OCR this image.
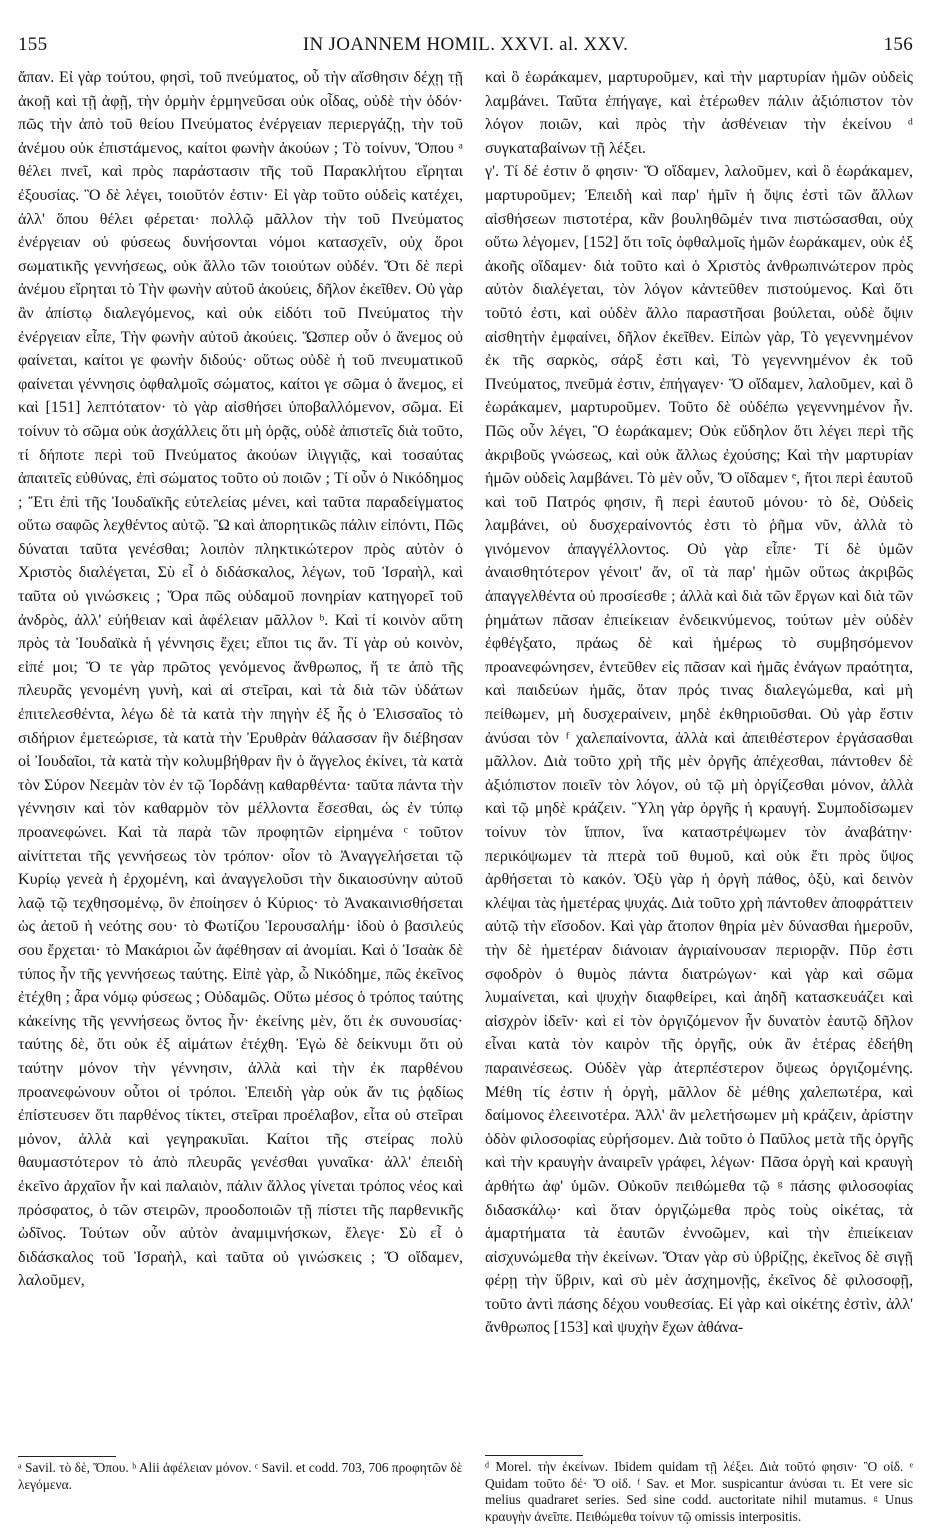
155	IN JOANNEM HOMIL. XXVI. al. XXV.	156

ἄπαν. Εἰ γὰρ τούτου, φησὶ, τοῦ πνεύματος, οὗ τὴν αἴσθησιν δέχῃ τῇ ἀκοῇ καὶ τῇ ἀφῇ, τὴν ὁρμὴν ἑρμηνεῦσαι οὐκ οἶδας, οὐδὲ τὴν ὁδόν· πῶς τὴν ἀπὸ τοῦ θείου Πνεύματος ἐνέργειαν περιεργάζῃ, τὴν τοῦ ἀνέμου οὐκ ἐπιστάμενος, καίτοι φωνὴν ἀκούων ; Τὸ τοίνυν, Ὅπου ᵃ θέλει πνεῖ, καὶ πρὸς παράστασιν τῆς τοῦ Παρακλήτου εἴρηται ἐξουσίας. Ὃ δὲ λέγει, τοιοῦτόν ἐστιν· Εἰ γὰρ τοῦτο οὐδεὶς κατέχει, ἀλλ' ὅπου θέλει φέρεται· πολλῷ μᾶλλον τὴν τοῦ Πνεύματος ἐνέργειαν οὐ φύσεως δυνήσονται νόμοι κατασχεῖν, οὐχ ὅροι σωματικῆς γεννήσεως, οὐκ ἄλλο τῶν τοιούτων οὐδέν. Ὅτι δὲ περὶ ἀνέμου εἴρηται τὸ Τὴν φωνὴν αὐτοῦ ἀκούεις, δῆλον ἐκεῖθεν. Οὐ γὰρ ἂν ἀπίστῳ διαλεγόμενος, καὶ οὐκ εἰδότι τοῦ Πνεύματος τὴν ἐνέργειαν εἶπε, Τὴν φωνὴν αὐτοῦ ἀκούεις. Ὥσπερ οὖν ὁ ἄνεμος οὐ φαίνεται, καίτοι γε φωνὴν διδούς· οὕτως οὐδὲ ἡ τοῦ πνευματικοῦ φαίνεται γέννησις ὀφθαλμοῖς σώματος, καίτοι γε σῶμα ὁ ἄνεμος, εἰ καὶ [151] λεπτότατον· τὸ γὰρ αἰσθήσει ὑποβαλλόμενον, σῶμα. Εἰ τοίνυν τὸ σῶμα οὐκ ἀσχάλλεις ὅτι μὴ ὁρᾷς, οὐδὲ ἀπιστεῖς διὰ τοῦτο, τί δήποτε περὶ τοῦ Πνεύματος ἀκούων ἰλιγγιᾷς, καὶ τοσαύτας ἀπαιτεῖς εὐθύνας, ἐπὶ σώματος τοῦτο οὐ ποιῶν ; Τί οὖν ὁ Νικόδημος ; Ἔτι ἐπὶ τῆς Ἰουδαϊκῆς εὐτελείας μένει, καὶ ταῦτα παραδείγματος οὕτω σαφῶς λεχθέντος αὐτῷ. Ὢ καὶ ἀπορητικῶς πάλιν εἰπόντι, Πῶς δύναται ταῦτα γενέσθαι; λοιπὸν πληκτικώτερον πρὸς αὐτὸν ὁ Χριστὸς διαλέγεται, Σὺ εἶ ὁ διδάσκαλος, λέγων, τοῦ Ἰσραὴλ, καὶ ταῦτα οὐ γινώσκεις ; Ὅρα πῶς οὐδαμοῦ πονηρίαν κατηγορεῖ τοῦ ἀνδρὸς, ἀλλ' εὐήθειαν καὶ ἀφέλειαν μᾶλλον ᵇ. Καὶ τί κοινὸν αὕτη πρὸς τὰ Ἰουδαϊκὰ ἡ γέννησις ἔχει; εἴποι τις ἄν. Τί γὰρ οὐ κοινὸν, εἰπέ μοι; Ὅ τε γὰρ πρῶτος γενόμενος ἄνθρωπος, ἥ τε ἀπὸ τῆς πλευρᾶς γενομένη γυνὴ, καὶ αἱ στεῖραι, καὶ τὰ διὰ τῶν ὑδάτων ἐπιτελεσθέντα, λέγω δὲ τὰ κατὰ τὴν πηγὴν ἐξ ἧς ὁ Ἐλισσαῖος τὸ σιδήριον ἐμετεώρισε, τὰ κατὰ τὴν Ἐρυθρὰν θάλασσαν ἣν διέβησαν οἱ Ἰουδαῖοι, τὰ κατὰ τὴν κολυμβήθραν ἣν ὁ ἄγγελος ἐκίνει, τὰ κατὰ τὸν Σύρον Νεεμὰν τὸν ἐν τῷ Ἰορδάνῃ καθαρθέντα· ταῦτα πάντα τὴν γέννησιν καὶ τὸν καθαρμὸν τὸν μέλλοντα ἔσεσθαι, ὡς ἐν τύπῳ προανεφώνει. Καὶ τὰ παρὰ τῶν προφητῶν εἰρημένα ᶜ τοῦτον αἰνίττεται τῆς γεννήσεως τὸν τρόπον· οἷον τὸ Ἀναγγελήσεται τῷ Κυρίῳ γενεὰ ἡ ἐρχομένη, καὶ ἀναγγελοῦσι τὴν δικαιοσύνην αὐτοῦ λαῷ τῷ τεχθησομένῳ, ὃν ἐποίησεν ὁ Κύριος· τὸ Ἀνακαινισθήσεται ὡς ἀετοῦ ἡ νεότης σου· τὸ Φωτίζου Ἱερουσαλήμ· ἰδοὺ ὁ βασιλεύς σου ἔρχεται· τὸ Μακάριοι ὧν ἀφέθησαν αἱ ἀνομίαι. Καὶ ὁ Ἰσαὰκ δὲ τύπος ἦν τῆς γεννήσεως ταύτης. Εἰπὲ γὰρ, ὦ Νικόδημε, πῶς ἐκεῖνος ἐτέχθη ; ἆρα νόμῳ φύσεως ; Οὐδαμῶς. Οὕτω μέσος ὁ τρόπος ταύτης κἀκείνης τῆς γεννήσεως ὄντος ἦν· ἐκείνης μὲν, ὅτι ἐκ συνουσίας· ταύτης δὲ, ὅτι οὐκ ἐξ αἱμάτων ἐτέχθη. Ἐγὼ δὲ δείκνυμι ὅτι οὐ ταύτην μόνον τὴν γέννησιν, ἀλλὰ καὶ τὴν ἐκ παρθένου προανεφώνουν οὗτοι οἱ τρόποι. Ἐπειδὴ γὰρ οὐκ ἄν τις ῥᾳδίως ἐπίστευσεν ὅτι παρθένος τίκτει, στεῖραι προέλαβον, εἶτα οὐ στεῖραι μόνον, ἀλλὰ καὶ γεγηρακυῖαι. Καίτοι τῆς στείρας πολὺ θαυμαστότερον τὸ ἀπὸ πλευρᾶς γενέσθαι γυναῖκα· ἀλλ' ἐπειδὴ ἐκεῖνο ἀρχαῖον ἦν καὶ παλαιὸν, πάλιν ἄλλος γίνεται τρόπος νέος καὶ πρόσφατος, ὁ τῶν στειρῶν, προοδοποιῶν τῇ πίστει τῆς παρθενικῆς ὠδῖνος. Τούτων οὖν αὐτὸν ἀναμιμνήσκων, ἔλεγε· Σὺ εἶ ὁ διδάσκαλος τοῦ Ἰσραὴλ, καὶ ταῦτα οὐ γινώσκεις ; Ὅ οἴδαμεν, λαλοῦμεν,

καὶ ὃ ἑωράκαμεν, μαρτυροῦμεν, καὶ τὴν μαρτυρίαν ἡμῶν οὐδεὶς λαμβάνει. Ταῦτα ἐπήγαγε, καὶ ἑτέρωθεν πάλιν ἀξιόπιστον τὸν λόγον ποιῶν, καὶ πρὸς τὴν ἀσθένειαν τὴν ἐκείνου ᵈ συγκαταβαίνων τῇ λέξει.

γ'. Τί δέ ἐστιν ὅ φησιν· Ὅ οἴδαμεν, λαλοῦμεν, καὶ ὃ ἑωράκαμεν, μαρτυροῦμεν; Ἐπειδὴ καὶ παρ' ἡμῖν ἡ ὄψις ἐστὶ τῶν ἄλλων αἰσθήσεων πιστοτέρα, κἂν βουληθῶμέν τινα πιστώσασθαι, οὐχ οὕτω λέγομεν, [152] ὅτι τοῖς ὀφθαλμοῖς ἡμῶν ἑωράκαμεν, οὐκ ἐξ ἀκοῆς οἴδαμεν· διὰ τοῦτο καὶ ὁ Χριστὸς ἀνθρωπινώτερον πρὸς αὐτὸν διαλέγεται, τὸν λόγον κἀντεῦθεν πιστούμενος. Καὶ ὅτι τοῦτό ἐστι, καὶ οὐδὲν ἄλλο παραστῆσαι βούλεται, οὐδὲ ὄψιν αἰσθητὴν ἐμφαίνει, δῆλον ἐκεῖθεν. Εἰπὼν γὰρ, Τὸ γεγεννημένον ἐκ τῆς σαρκὸς, σάρξ ἐστι καὶ, Τὸ γεγεννημένον ἐκ τοῦ Πνεύματος, πνεῦμά ἐστιν, ἐπήγαγεν· Ὅ οἴδαμεν, λαλοῦμεν, καὶ ὃ ἑωράκαμεν, μαρτυροῦμεν. Τοῦτο δὲ οὐδέπω γεγεννημένον ἦν. Πῶς οὖν λέγει, Ὃ ἑωράκαμεν; Οὐκ εὔδηλον ὅτι λέγει περὶ τῆς ἀκριβοῦς γνώσεως, καὶ οὐκ ἄλλως ἐχούσης; Καὶ τὴν μαρτυρίαν ἡμῶν οὐδεὶς λαμβάνει. Τὸ μὲν οὖν, Ὅ οἴδαμεν ᵉ, ἤτοι περὶ ἑαυτοῦ καὶ τοῦ Πατρός φησιν, ἢ περὶ ἑαυτοῦ μόνου· τὸ δὲ, Οὐδεὶς λαμβάνει, οὐ δυσχεραίνοντός ἐστι τὸ ῥῆμα νῦν, ἀλλὰ τὸ γινόμενον ἀπαγγέλλοντος. Οὐ γὰρ εἶπε· Τί δὲ ὑμῶν ἀναισθητότερον γένοιτ' ἄν, οἳ τὰ παρ' ἡμῶν οὕτως ἀκριβῶς ἀπαγγελθέντα οὐ προσίεσθε ; ἀλλὰ καὶ διὰ τῶν ἔργων καὶ διὰ τῶν ῥημάτων πᾶσαν ἐπιείκειαν ἐνδεικνύμενος, τούτων μὲν οὐδὲν ἐφθέγξατο, πράως δὲ καὶ ἡμέρως τὸ συμβησόμενον προανεφώνησεν, ἐντεῦθεν εἰς πᾶσαν καὶ ἡμᾶς ἐνάγων πραότητα, καὶ παιδεύων ἡμᾶς, ὅταν πρός τινας διαλεγώμεθα, καὶ μὴ πείθωμεν, μὴ δυσχεραίνειν, μηδὲ ἐκθηριοῦσθαι. Οὐ γὰρ ἔστιν ἀνύσαι τὸν ᶠ χαλεπαίνοντα, ἀλλὰ καὶ ἀπειθέστερον ἐργάσασθαι μᾶλλον. Διὰ τοῦτο χρὴ τῆς μὲν ὀργῆς ἀπέχεσθαι, πάντοθεν δὲ ἀξιόπιστον ποιεῖν τὸν λόγον, οὐ τῷ μὴ ὀργίζεσθαι μόνον, ἀλλὰ καὶ τῷ μηδὲ κράζειν. Ὕλη γὰρ ὀργῆς ἡ κραυγή. Συμποδίσωμεν τοίνυν τὸν ἵππον, ἵνα καταστρέψωμεν τὸν ἀναβάτην· περικόψωμεν τὰ πτερὰ τοῦ θυμοῦ, καὶ οὐκ ἔτι πρὸς ὕψος ἀρθήσεται τὸ κακόν. Ὀξὺ γὰρ ἡ ὀργὴ πάθος, ὀξὺ, καὶ δεινὸν κλέψαι τὰς ἡμετέρας ψυχάς. Διὰ τοῦτο χρὴ πάντοθεν ἀποφράττειν αὐτῷ τὴν εἴσοδον. Καὶ γὰρ ἄτοπον θηρία μὲν δύνασθαι ἡμεροῦν, τὴν δὲ ἡμετέραν διάνοιαν ἀγριαίνουσαν περιορᾷν. Πῦρ ἐστι σφοδρὸν ὁ θυμὸς πάντα διατρώγων· καὶ γὰρ καὶ σῶμα λυμαίνεται, καὶ ψυχὴν διαφθείρει, καὶ ἀηδῆ κατασκευάζει καὶ αἰσχρὸν ἰδεῖν· καὶ εἰ τὸν ὀργιζόμενον ἦν δυνατὸν ἑαυτῷ δῆλον εἶναι κατὰ τὸν καιρὸν τῆς ὀργῆς, οὐκ ἂν ἑτέρας ἐδεήθη παραινέσεως. Οὐδὲν γὰρ ἀτερπέστερον ὄψεως ὀργιζομένης. Μέθη τίς ἐστιν ἡ ὀργὴ, μᾶλλον δὲ μέθης χαλεπωτέρα, καὶ δαίμονος ἐλεεινοτέρα. Ἀλλ' ἂν μελετήσωμεν μὴ κράζειν, ἀρίστην ὁδὸν φιλοσοφίας εὑρήσομεν. Διὰ τοῦτο ὁ Παῦλος μετὰ τῆς ὀργῆς καὶ τὴν κραυγὴν ἀναιρεῖν γράφει, λέγων· Πᾶσα ὀργὴ καὶ κραυγὴ ἀρθήτω ἀφ' ὑμῶν. Οὐκοῦν πειθώμεθα τῷ ᵍ πάσης φιλοσοφίας διδασκάλῳ· καὶ ὅταν ὀργιζώμεθα πρὸς τοὺς οἰκέτας, τὰ ἁμαρτήματα τὰ ἑαυτῶν ἐννοῶμεν, καὶ τὴν ἐπιείκειαν αἰσχυνώμεθα τὴν ἐκείνων. Ὅταν γὰρ σὺ ὑβρίζῃς, ἐκεῖνος δὲ σιγῇ φέρῃ τὴν ὕβριν, καὶ σὺ μὲν ἀσχημονῇς, ἐκεῖνος δὲ φιλοσοφῇ, τοῦτο ἀντὶ πάσης δέχου νουθεσίας. Εἰ γὰρ καὶ οἰκέτης ἐστὶν, ἀλλ' ἄνθρωπος [153] καὶ ψυχὴν ἔχων ἀθάνα-

ᵃ Savil. τὸ δὲ, Ὅπου. ᵇ Alii ἀφέλειαν μόνον. ᶜ Savil. et codd. 703, 706 προφητῶν δὲ λεγόμενα.
ᵈ Morel. τὴν ἐκείνων. Ibidem quidam τῇ λέξει. Διὰ τοῦτό φησιν· Ὃ οἰδ. ᵉ Quidam τοῦτο δέ· Ὅ οἰδ. ᶠ Sav. et Mor. suspicantur ἀνύσαι τι. Et vere sic melius quadraret series. Sed sine codd. auctoritate nihil mutamus. ᵍ Unus κραυγὴν ἀνεῖπε. Πειθώμεθα τοίνυν τῷ omissis interpositis.
